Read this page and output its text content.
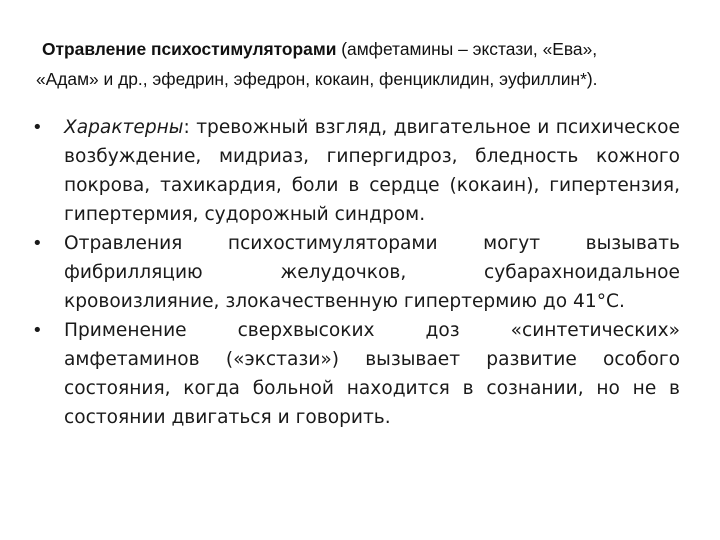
Отравление психостимуляторами (амфетамины – экстази, «Ева»,
«Адам» и др., эфедрин, эфедрон, кокаин, фенциклидин, эуфиллин*).
• Характерны: тревожный взгляд, двигательное и психическое возбуждение, мидриаз, гипергидроз, бледность кожного покрова, тахикардия, боли в сердце (кокаин), гипертензия, гипертермия, судорожный синдром.
• Отравления психостимуляторами могут вызывать фибрилляцию желудочков, субарахноидальное кровоизлияние, злокачественную гипертермию до 41°С.
• Применение сверхвысоких доз «синтетических» амфетаминов («экстази») вызывает развитие особого состояния, когда больной находится в сознании, но не в состоянии двигаться и говорить.
